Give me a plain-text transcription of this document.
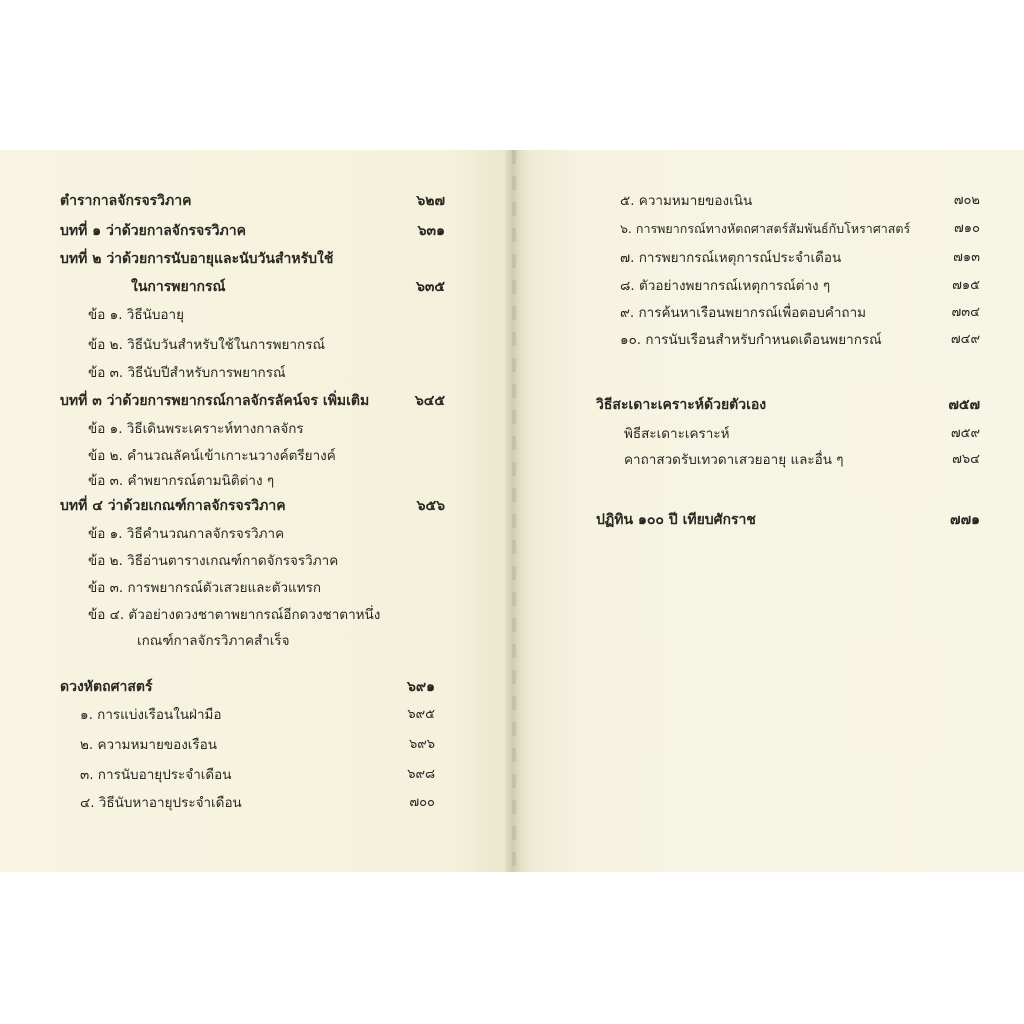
ตำรากาลจักรจรวิภาค	๖๒๗
บทที่ ๑ ว่าด้วยกาลจักรจรวิภาค	๖๓๑
บทที่ ๒ ว่าด้วยการนับอายุและนับวันสำหรับใช้
ในการพยากรณ์	๖๓๕
ข้อ ๑. วิธีนับอายุ
ข้อ ๒. วิธีนับวันสำหรับใช้ในการพยากรณ์
ข้อ ๓. วิธีนับปีสำหรับการพยากรณ์
บทที่ ๓ ว่าด้วยการพยากรณ์กาลจักรลัคน์จร เพิ่มเติม	๖๔๕
ข้อ ๑. วิธีเดินพระเคราะห์ทางกาลจักร
ข้อ ๒. คำนวณลัคน์เข้าเกาะนวางค์ตรียางค์
ข้อ ๓. คำพยากรณ์ตามนิติต่าง ๆ
บทที่ ๔ ว่าด้วยเกณฑ์กาลจักรจรวิภาค	๖๕๖
ข้อ ๑. วิธีคำนวณกาลจักรจรวิภาค
ข้อ ๒. วิธีอ่านตารางเกณฑ์กาดจักรจรวิภาค
ข้อ ๓. การพยากรณ์ตัวเสวยและตัวแทรก
ข้อ ๔. ตัวอย่างดวงชาตาพยากรณ์อีกดวงชาตาหนึ่ง
เกณฑ์กาลจักรวิภาคสำเร็จ
ดวงหัตถศาสตร์	๖๙๑
๑. การแบ่งเรือนในฝ่ามือ	๖๙๕
๒. ความหมายของเรือน	๖๙๖
๓. การนับอายุประจำเดือน	๖๙๘
๔. วิธีนับหาอายุประจำเดือน	๗๐๐
๕. ความหมายของเนิน	๗๐๒
๖. การพยากรณ์ทางหัตถศาสตร์สัมพันธ์กับโหราศาสตร์	๗๑๐
๗. การพยากรณ์เหตุการณ์ประจำเดือน	๗๑๓
๘. ตัวอย่างพยากรณ์เหตุการณ์ต่าง ๆ	๗๑๕
๙. การค้นหาเรือนพยากรณ์เพื่อตอบคำถาม	๗๓๔
๑๐. การนับเรือนสำหรับกำหนดเดือนพยากรณ์	๗๔๙
วิธีสะเดาะเคราะห์ด้วยตัวเอง	๗๕๗
พิธีสะเดาะเคราะห์	๗๕๙
คาถาสวดรับเทวดาเสวยอายุ และอื่น ๆ	๗๖๔
ปฏิทิน ๑๐๐ ปี เทียบศักราช	๗๗๑
